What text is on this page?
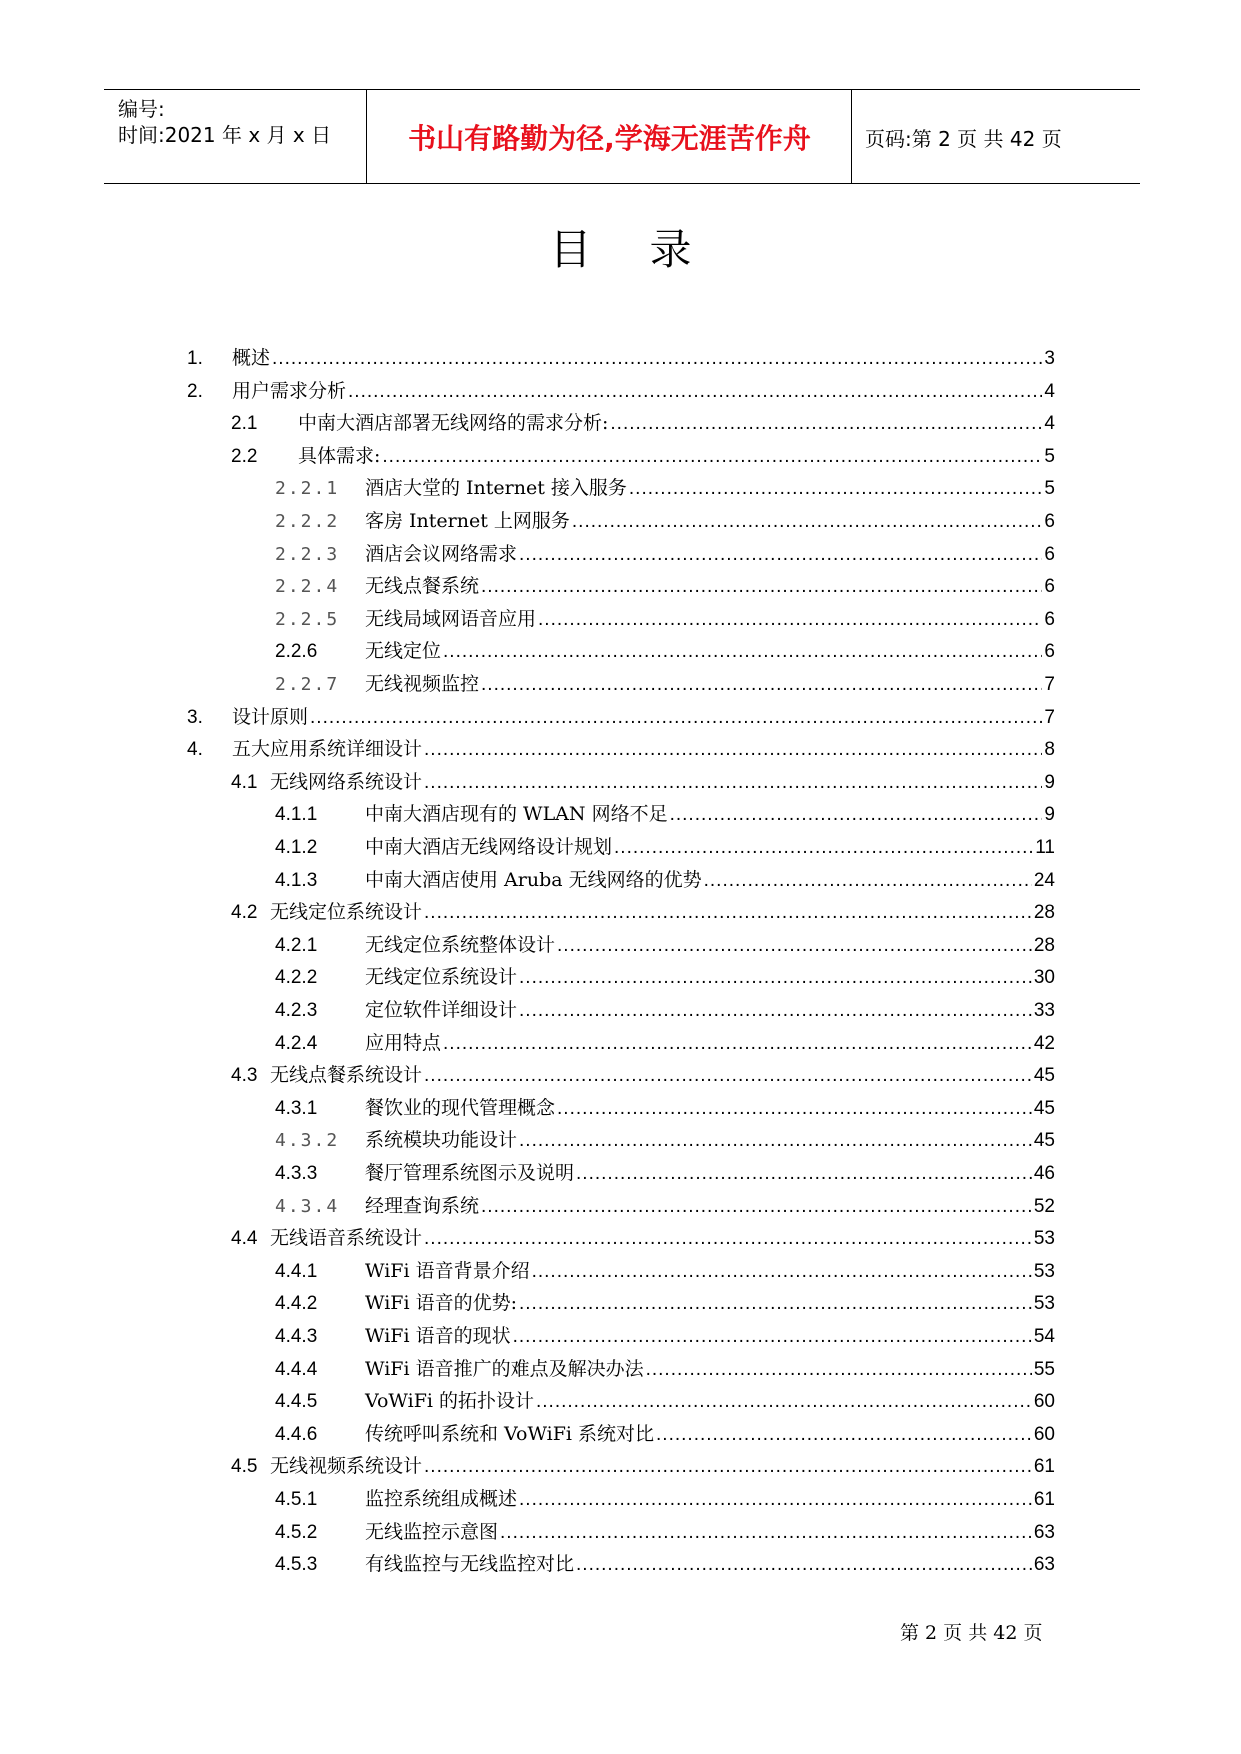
编号:
时间:2021 年 x 月 x 日	书山有路勤为径,学海无涯苦作舟	页码:第 2 页 共 42 页
目录
1.	概述 .....	3
2.	用户需求分析 .....	4
2.1	中南大酒店部署无线网络的需求分析: .....	4
2.2	具体需求: .....	5
2.2.1	酒店大堂的 Internet 接入服务 .....	5
2.2.2	客房 Internet 上网服务 .....	6
2.2.3	酒店会议网络需求 .....	6
2.2.4	无线点餐系统 .....	6
2.2.5	无线局域网语音应用 .....	6
2.2.6	无线定位 .....	6
2.2.7	无线视频监控 .....	7
3.	设计原则 .....	7
4.	五大应用系统详细设计 .....	8
4.1 无线网络系统设计 .....	9
4.1.1	中南大酒店现有的 WLAN 网络不足 .....	9
4.1.2	中南大酒店无线网络设计规划 .....	11
4.1.3	中南大酒店使用 Aruba 无线网络的优势 .....	24
4.2 无线定位系统设计 .....	28
4.2.1	无线定位系统整体设计 .....	28
4.2.2	无线定位系统设计 .....	30
4.2.3	定位软件详细设计 .....	33
4.2.4	应用特点 .....	42
4.3 无线点餐系统设计 .....	45
4.3.1	餐饮业的现代管理概念 .....	45
4.3.2	系统模块功能设计 .....	45
4.3.3	餐厅管理系统图示及说明 .....	46
4.3.4	经理查询系统 .....	52
4.4 无线语音系统设计 .....	53
4.4.1	WiFi 语音背景介绍 .....	53
4.4.2	WiFi 语音的优势: .....	53
4.4.3	WiFi 语音的现状 .....	54
4.4.4	WiFi 语音推广的难点及解决办法 .....	55
4.4.5	VoWiFi 的拓扑设计 .....	60
4.4.6	传统呼叫系统和 VoWiFi 系统对比 .....	60
4.5 无线视频系统设计 .....	61
4.5.1	监控系统组成概述 .....	61
4.5.2	无线监控示意图 .....	63
4.5.3	有线监控与无线监控对比 .....	63
第 2 页 共 42 页
